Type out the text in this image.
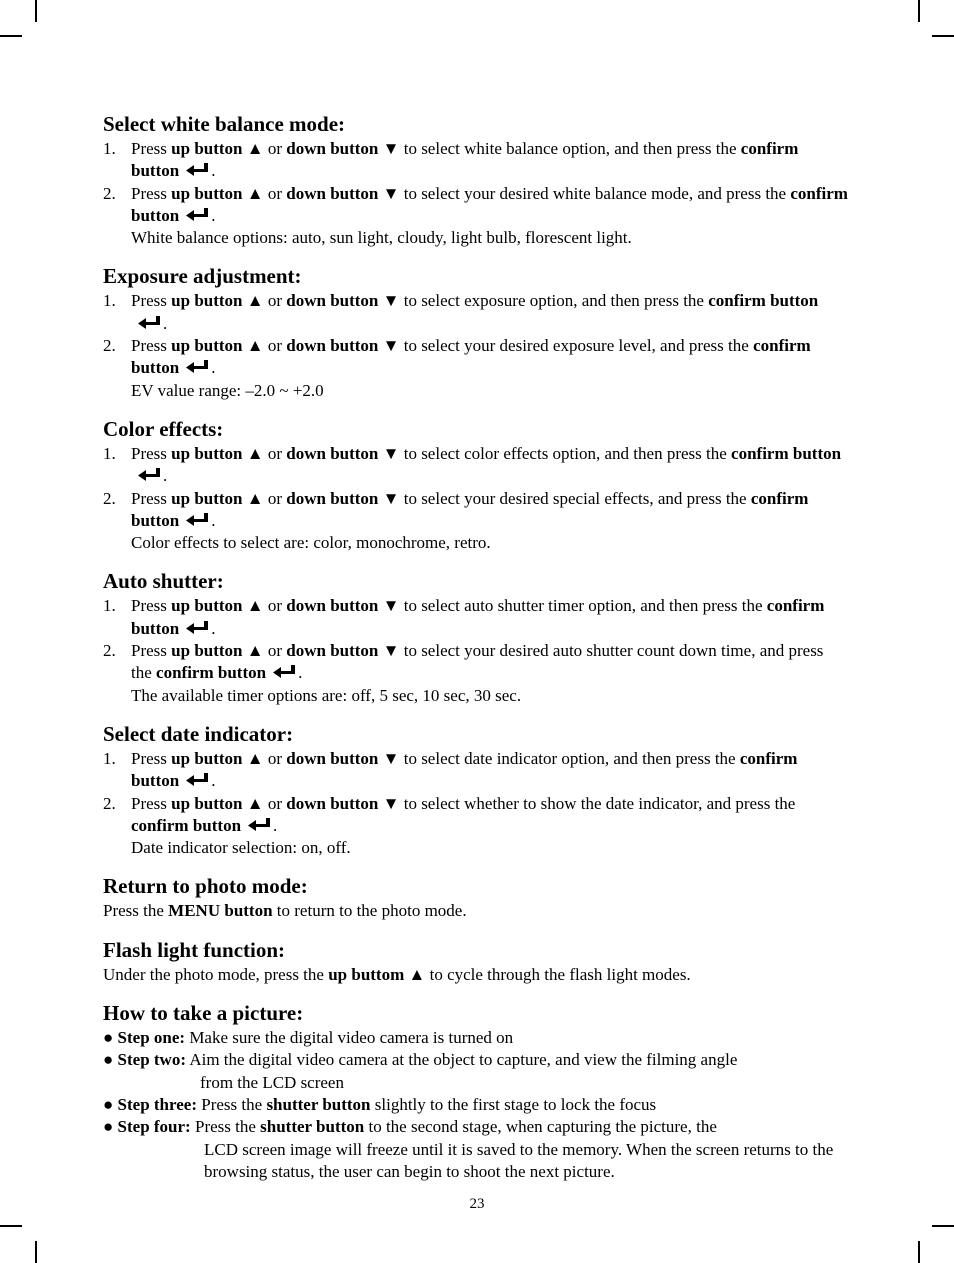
Select white balance mode:
1. Press up button ▲ or down button ▼ to select white balance option, and then press the confirm button .
2. Press up button ▲ or down button ▼ to select your desired white balance mode, and press the confirm button .
White balance options: auto, sun light, cloudy, light bulb, florescent light.
Exposure adjustment:
1. Press up button ▲ or down button ▼ to select exposure option, and then press the confirm button.
2. Press up button ▲ or down button ▼ to select your desired exposure level, and press the confirm button .
EV value range: –2.0 ~ +2.0
Color effects:
1. Press up button ▲ or down button ▼ to select color effects option, and then press the confirm button.
2. Press up button ▲ or down button ▼ to select your desired special effects, and press the confirm button .
Color effects to select are: color, monochrome, retro.
Auto shutter:
1. Press up button ▲ or down button ▼ to select auto shutter timer option, and then press the confirm button .
2. Press up button ▲ or down button ▼ to select your desired auto shutter count down time, and press the confirm button .
The available timer options are: off, 5 sec, 10 sec, 30 sec.
Select date indicator:
1. Press up button ▲ or down button ▼ to select date indicator option, and then press the confirm button .
2. Press up button ▲ or down button ▼ to select whether to show the date indicator, and press the confirm button .
Date indicator selection: on, off.
Return to photo mode:
Press the MENU button to return to the photo mode.
Flash light function:
Under the photo mode, press the up buttom ▲ to cycle through the flash light modes.
How to take a picture:
● Step one: Make sure the digital video camera is turned on
● Step two: Aim the digital video camera at the object to capture, and view the filming angle
from the LCD screen
● Step three: Press the shutter button slightly to the first stage to lock the focus
● Step four: Press the shutter button to the second stage, when capturing the picture, the
LCD screen image will freeze until it is saved to the memory. When the screen returns to the browsing status, the user can begin to shoot the next picture.
23
